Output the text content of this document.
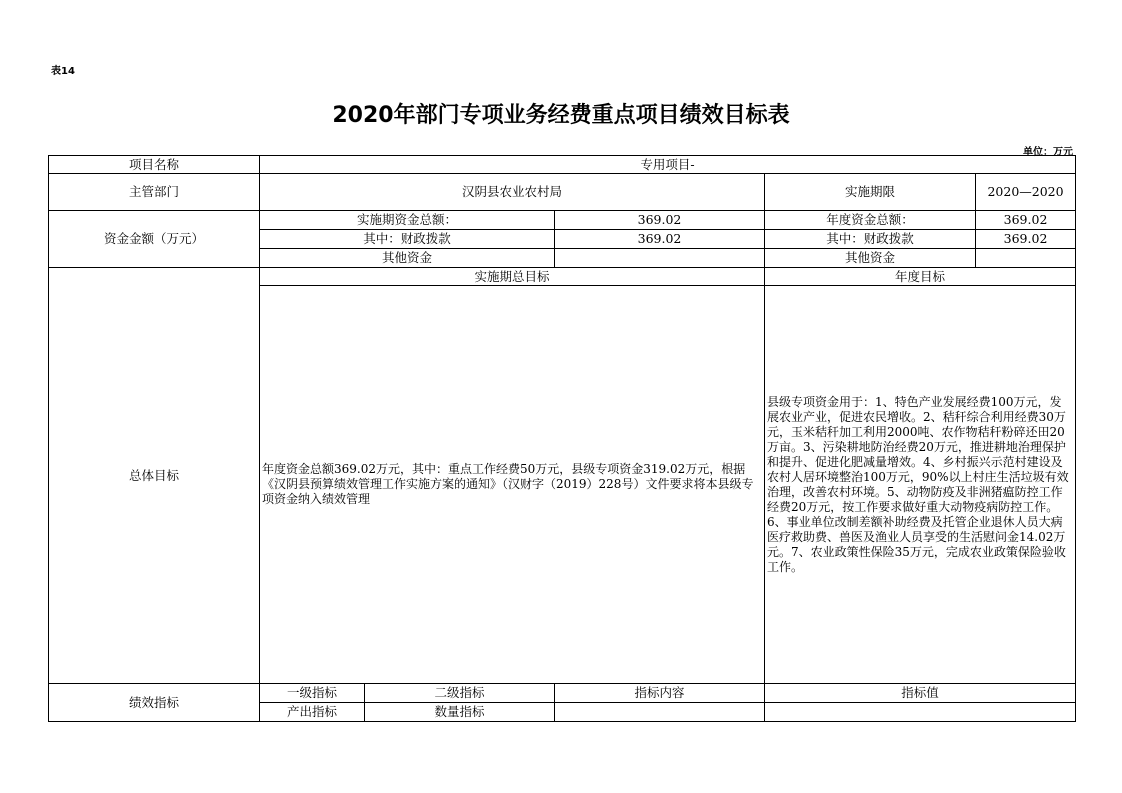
表14
2020年部门专项业务经费重点项目绩效目标表
单位：万元
项目名称	专用项目-				
主管部门	汉阴县农业农村局			实施期限	2020—2020
资金金额（万元）	实施期资金总额：		369.02	年度资金总额：	369.02
	其中：财政拨款		369.02	其中：财政拨款	369.02
	其他资金			其他资金	
总体目标	实施期总目标			年度目标	
	年度资金总额369.02万元，其中：重点工作经费50万元，县级专项资金319.02万元，根据《汉阴县预算绩效管理工作实施方案的通知》（汉财字（2019）228号）文件要求将本县级专项资金纳入绩效管理			县级专项资金用于：1、特色产业发展经费100万元，发展农业产业，促进农民增收。2、秸秆综合利用经费30万元，玉米秸秆加工利用2000吨、农作物秸秆粉碎还田20万亩。3、污染耕地防治经费20万元，推进耕地治理保护和提升、促进化肥减量增效。4、乡村振兴示范村建设及农村人居环境整治100万元，90%以上村庄生活垃圾有效治理，改善农村环境。5、动物防疫及非洲猪瘟防控工作经费20万元，按工作要求做好重大动物疫病防控工作。6、事业单位改制差额补助经费及托管企业退休人员大病医疗救助费、兽医及渔业人员享受的生活慰问金14.02万元。7、农业政策性保险35万元，完成农业政策保险验收工作。	
绩效指标	一级指标	二级指标	指标内容	指标值	
	产出指标	数量指标			
